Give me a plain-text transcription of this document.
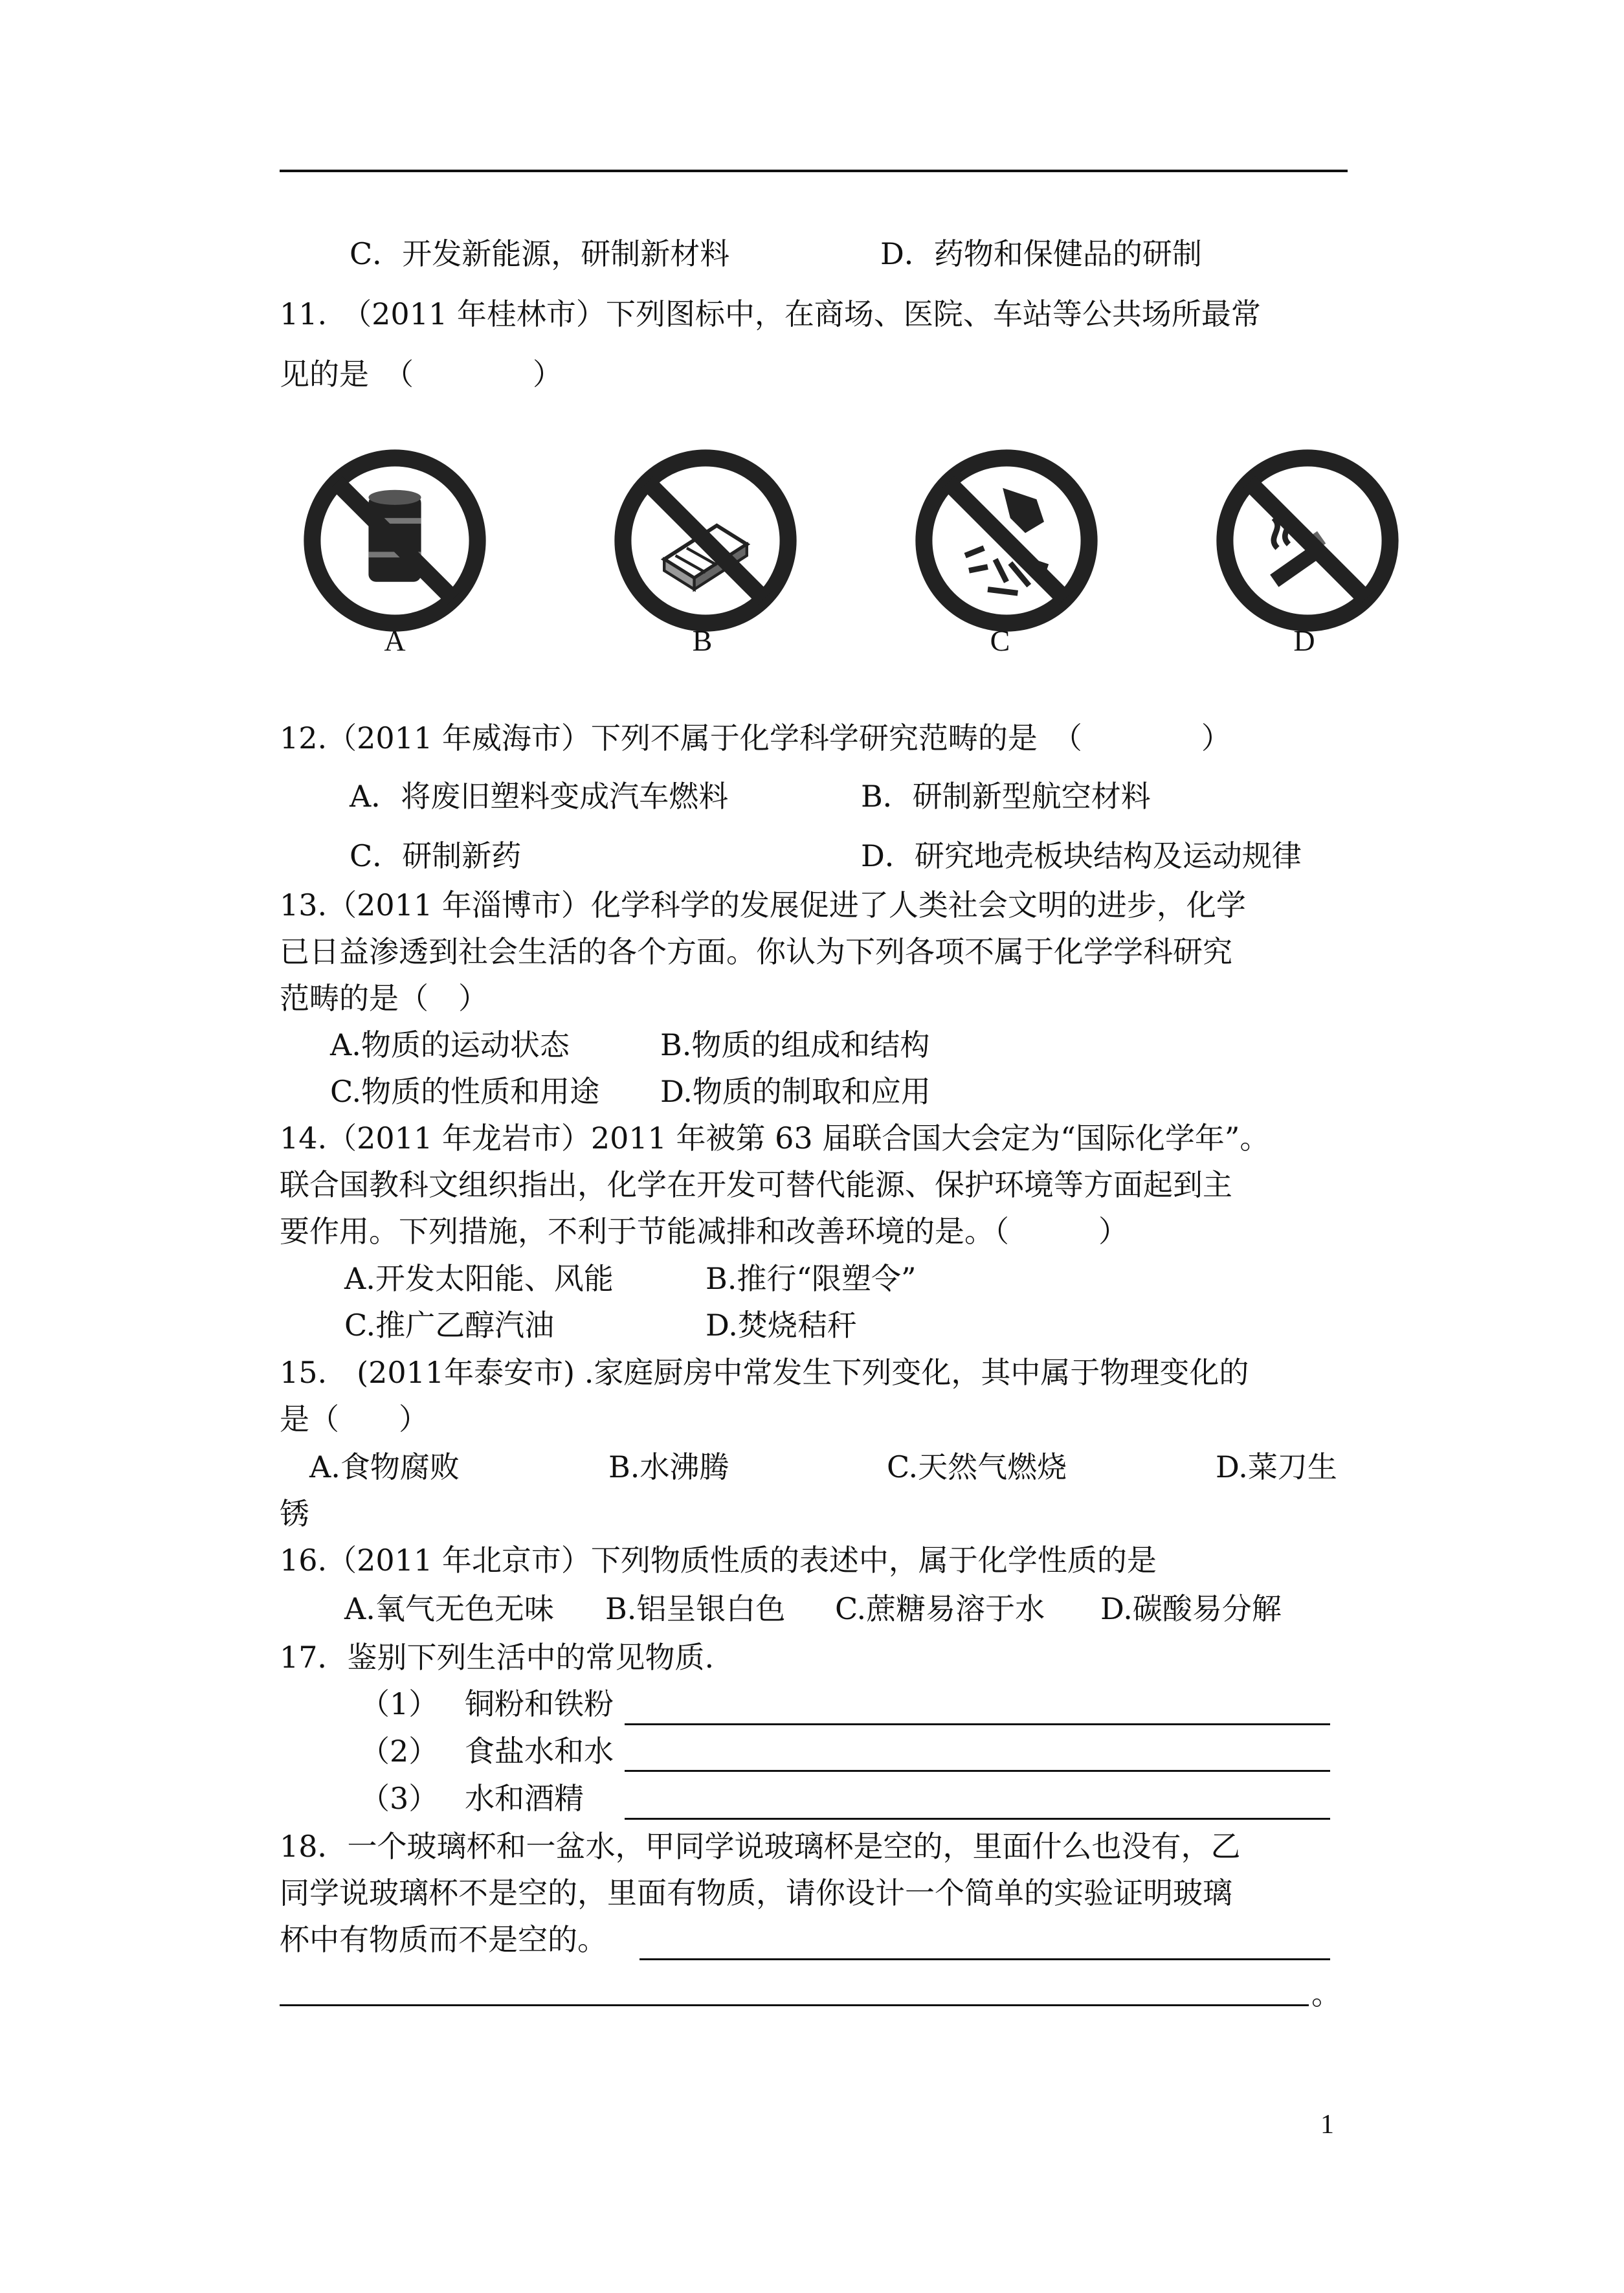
C．开发新能源，研制新材料	D．药物和保健品的研制
11.　（2011 年桂林市）下列图标中，在商场、医院、车站等公共场所最常
见的是　（　　　　）
A	B	C	D
12.（2011 年威海市）下列不属于化学科学研究范畴的是　（　　　　）
A．将废旧塑料变成汽车燃料	B．研制新型航空材料
C．研制新药	D．研究地壳板块结构及运动规律
13.（2011 年淄博市）化学科学的发展促进了人类社会文明的进步，化学
已日益渗透到社会生活的各个方面。你认为下列各项不属于化学学科研究
范畴的是（　）
A.物质的运动状态	B.物质的组成和结构
C.物质的性质和用途 D.物质的制取和应用
14.（2011 年龙岩市）2011 年被第 63 届联合国大会定为“国际化学年”。
联合国教科文组织指出，化学在开发可替代能源、保护环境等方面起到主
要作用。下列措施，不利于节能减排和改善环境的是。（　　　）
A.开发太阳能、风能	B.推行“限塑令”
C.推广乙醇汽油	D.焚烧秸秆
15.　(2011年泰安市) .家庭厨房中常发生下列变化，其中属于物理变化的
是（　　）
A.食物腐败	B.水沸腾	C.天然气燃烧	D.菜刀生
锈
16.（2011 年北京市）下列物质性质的表述中，属于化学性质的是
A.氧气无色无味 B.铝呈银白色 C.蔗糖易溶于水 D.碳酸易分解
17．鉴别下列生活中的常见物质.
（1） 铜粉和铁粉
（2） 食盐水和水
（3） 水和酒精
18．一个玻璃杯和一盆水，甲同学说玻璃杯是空的，里面什么也没有，乙
同学说玻璃杯不是空的，里面有物质，请你设计一个简单的实验证明玻璃
杯中有物质而不是空的。
。
1
